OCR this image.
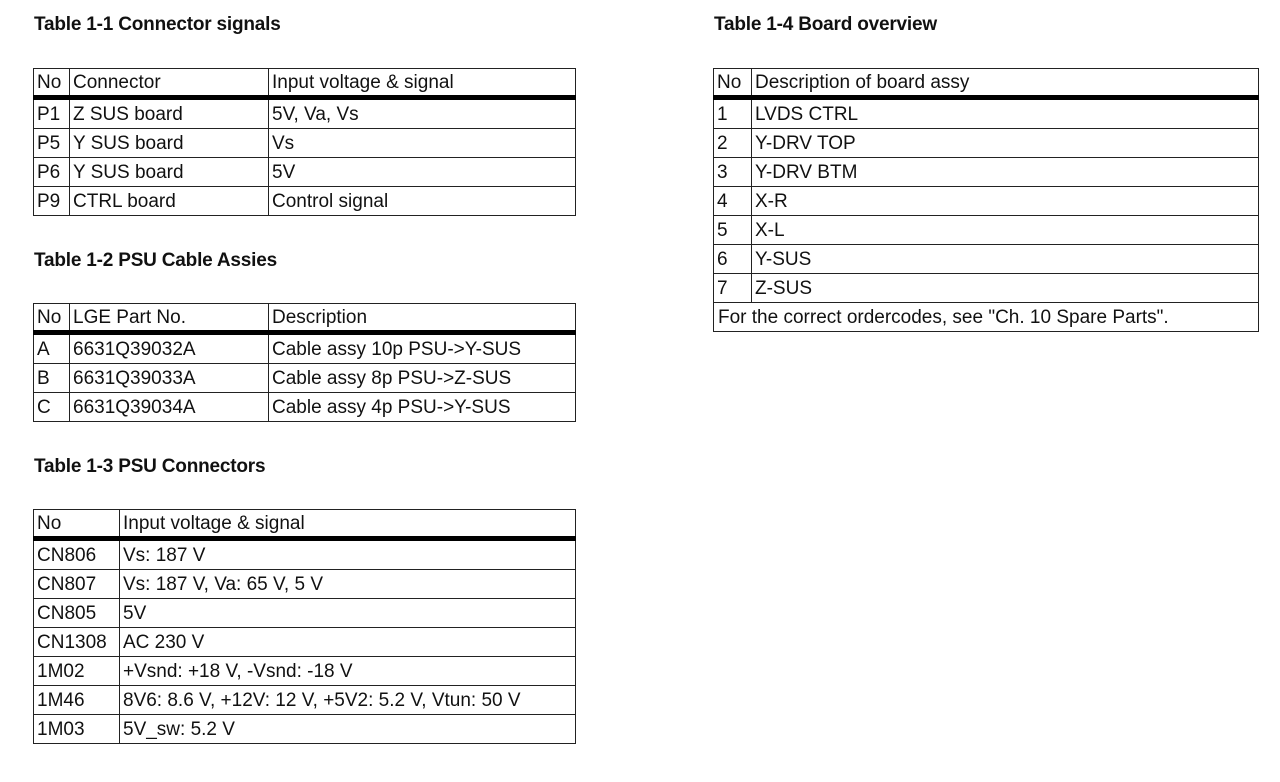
Table 1-1 Connector signals
No	Connector	Input voltage & signal
P1	Z SUS board	5V, Va, Vs
P5	Y SUS board	Vs
P6	Y SUS board	5V
P9	CTRL board	Control signal
Table 1-2 PSU Cable Assies
No	LGE Part No.	Description
A	6631Q39032A	Cable assy 10p PSU->Y-SUS
B	6631Q39033A	Cable assy 8p PSU->Z-SUS
C	6631Q39034A	Cable assy 4p PSU->Y-SUS
Table 1-3 PSU Connectors
No	Input voltage & signal
CN806	Vs: 187 V
CN807	Vs: 187 V, Va: 65 V, 5 V
CN805	5V
CN1308	AC 230 V
1M02	+Vsnd: +18 V, -Vsnd: -18 V
1M46	8V6: 8.6 V, +12V: 12 V, +5V2: 5.2 V, Vtun: 50 V
1M03	5V_sw: 5.2 V
Table 1-4 Board overview
No	Description of board assy
1	LVDS CTRL
2	Y-DRV TOP
3	Y-DRV BTM
4	X-R
5	X-L
6	Y-SUS
7	Z-SUS
For the correct ordercodes, see "Ch. 10 Spare Parts".	
